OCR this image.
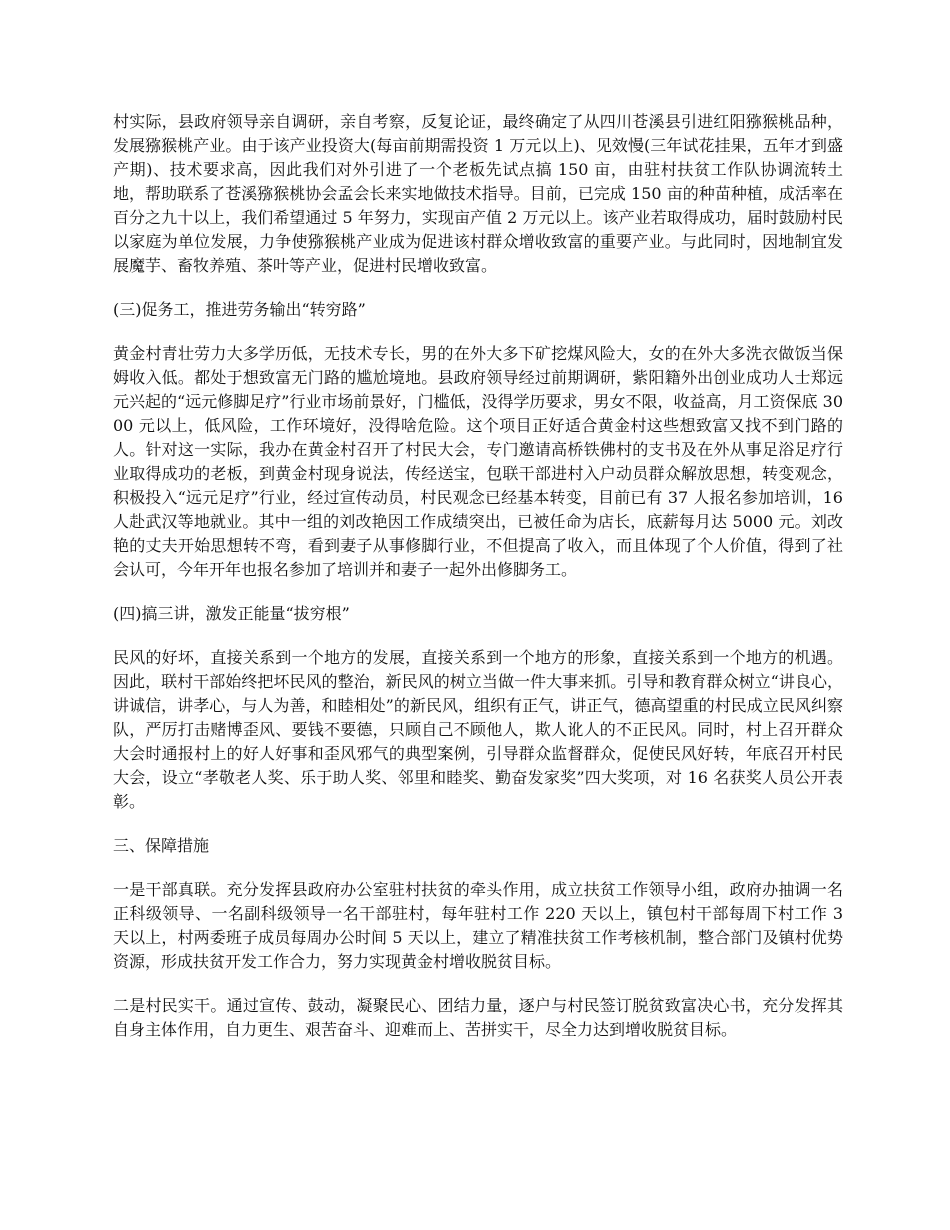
村实际，县政府领导亲自调研，亲自考察，反复论证，最终确定了从四川苍溪县引进红阳猕猴桃品种，发展猕猴桃产业。由于该产业投资大(每亩前期需投资 1 万元以上)、见效慢(三年试花挂果，五年才到盛产期)、技术要求高，因此我们对外引进了一个老板先试点搞 150 亩，由驻村扶贫工作队协调流转土地，帮助联系了苍溪猕猴桃协会孟会长来实地做技术指导。目前，已完成 150 亩的种苗种植，成活率在百分之九十以上，我们希望通过 5 年努力，实现亩产值 2 万元以上。该产业若取得成功，届时鼓励村民以家庭为单位发展，力争使猕猴桃产业成为促进该村群众增收致富的重要产业。与此同时，因地制宜发展魔芋、畜牧养殖、茶叶等产业，促进村民增收致富。

(三)促务工，推进劳务输出“转穷路”

黄金村青壮劳力大多学历低，无技术专长，男的在外大多下矿挖煤风险大，女的在外大多洗衣做饭当保姆收入低。都处于想致富无门路的尴尬境地。县政府领导经过前期调研，紫阳籍外出创业成功人士郑远元兴起的“远元修脚足疗”行业市场前景好，门槛低，没得学历要求，男女不限，收益高，月工资保底 3000 元以上，低风险，工作环境好，没得啥危险。这个项目正好适合黄金村这些想致富又找不到门路的人。针对这一实际，我办在黄金村召开了村民大会，专门邀请高桥铁佛村的支书及在外从事足浴足疗行业取得成功的老板，到黄金村现身说法，传经送宝，包联干部进村入户动员群众解放思想，转变观念，积极投入“远元足疗”行业，经过宣传动员，村民观念已经基本转变，目前已有 37 人报名参加培训，16 人赴武汉等地就业。其中一组的刘改艳因工作成绩突出，已被任命为店长，底薪每月达 5000 元。刘改艳的丈夫开始思想转不弯，看到妻子从事修脚行业，不但提高了收入，而且体现了个人价值，得到了社会认可，今年开年也报名参加了培训并和妻子一起外出修脚务工。

(四)搞三讲，激发正能量“拔穷根”

民风的好坏，直接关系到一个地方的发展，直接关系到一个地方的形象，直接关系到一个地方的机遇。因此，联村干部始终把坏民风的整治，新民风的树立当做一件大事来抓。引导和教育群众树立“讲良心，讲诚信，讲孝心，与人为善，和睦相处”的新民风，组织有正气，讲正气，德高望重的村民成立民风纠察队，严厉打击赌博歪风、要钱不要德，只顾自己不顾他人，欺人讹人的不正民风。同时，村上召开群众大会时通报村上的好人好事和歪风邪气的典型案例，引导群众监督群众，促使民风好转，年底召开村民大会，设立“孝敬老人奖、乐于助人奖、邻里和睦奖、勤奋发家奖”四大奖项，对 16 名获奖人员公开表彰。

三、保障措施

一是干部真联。充分发挥县政府办公室驻村扶贫的牵头作用，成立扶贫工作领导小组，政府办抽调一名正科级领导、一名副科级领导一名干部驻村，每年驻村工作 220 天以上，镇包村干部每周下村工作 3 天以上，村两委班子成员每周办公时间 5 天以上，建立了精准扶贫工作考核机制，整合部门及镇村优势资源，形成扶贫开发工作合力，努力实现黄金村增收脱贫目标。

二是村民实干。通过宣传、鼓动，凝聚民心、团结力量，逐户与村民签订脱贫致富决心书，充分发挥其自身主体作用，自力更生、艰苦奋斗、迎难而上、苦拼实干，尽全力达到增收脱贫目标。
